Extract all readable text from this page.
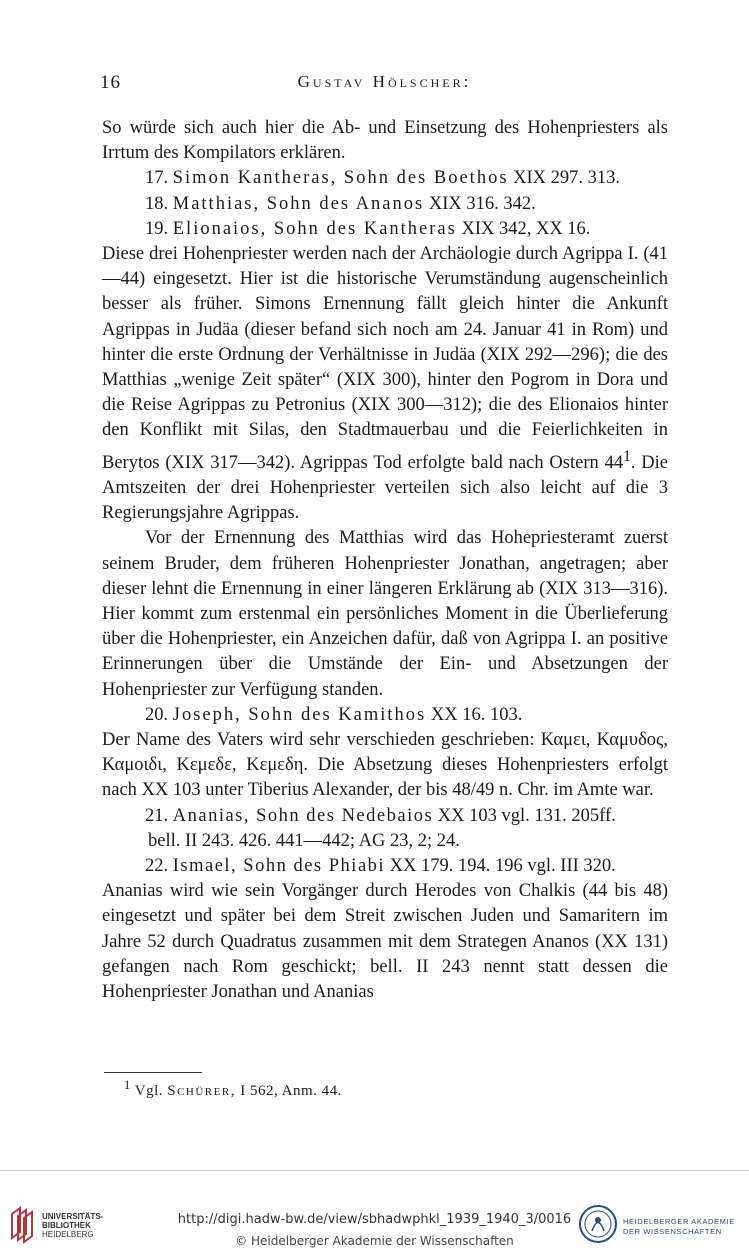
16	Gustav Hölscher:

So würde sich auch hier die Ab- und Einsetzung des Hohenpriesters als Irrtum des Kompilators erklären.

17. Simon Kantheras, Sohn des Boethos XIX 297. 313.

18. Matthias, Sohn des Ananos XIX 316. 342.

19. Elionaios, Sohn des Kantheras XIX 342, XX 16.

Diese drei Hohenpriester werden nach der Archäologie durch Agrippa I. (41—44) eingesetzt. Hier ist die historische Verumständung augenscheinlich besser als früher. Simons Ernennung fällt gleich hinter die Ankunft Agrippas in Judäa (dieser befand sich noch am 24. Januar 41 in Rom) und hinter die erste Ordnung der Verhältnisse in Judäa (XIX 292—296); die des Matthias „wenige Zeit später“ (XIX 300), hinter den Pogrom in Dora und die Reise Agrippas zu Petronius (XIX 300—312); die des Elionaios hinter den Konflikt mit Silas, den Stadtmauerbau und die Feierlichkeiten in Berytos (XIX 317—342). Agrippas Tod erfolgte bald nach Ostern $44^1$. Die Amtszeiten der drei Hohenpriester verteilen sich also leicht auf die 3 Regierungsjahre Agrippas.

Vor der Ernennung des Matthias wird das Hohepriesteramt zuerst seinem Bruder, dem früheren Hohenpriester Jonathan, angetragen; aber dieser lehnt die Ernennung in einer längeren Erklärung ab (XIX 313—316). Hier kommt zum erstenmal ein persönliches Moment in die Überlieferung über die Hohenpriester, ein Anzeichen dafür, daß von Agrippa I. an positive Erinnerungen über die Umstände der Ein- und Absetzungen der Hohenpriester zur Verfügung standen.

20. Joseph, Sohn des Kamithos XX 16. 103.

Der Name des Vaters wird sehr verschieden geschrieben: Καμει, Καμυδος, Καμοιδι, Κεμεδε, Κεμεδη. Die Absetzung dieses Hohenpriesters erfolgt nach XX 103 unter Tiberius Alexander, der bis 48/49 n. Chr. im Amte war.

21. Ananias, Sohn des Nedebaios XX 103 vgl. 131. 205ff.

bell. II 243. 426. 441—442; AG 23, 2; 24.

22. Ismael, Sohn des Phiabi XX 179. 194. 196 vgl. III 320.

Ananias wird wie sein Vorgänger durch Herodes von Chalkis (44 bis 48) eingesetzt und später bei dem Streit zwischen Juden und Samaritern im Jahre 52 durch Quadratus zusammen mit dem Strategen Ananos (XX 131) gefangen nach Rom geschickt; bell. II 243 nennt statt dessen die Hohenpriester Jonathan und Ananias

$^1$ Vgl. Schürer, I 562, Anm. 44.
UNIVERSITÄTS-
BIBLIOTHEK
HEIDELBERG
http://digi.hadw-bw.de/view/sbhadwphkl_1939_1940_3/0016
© Heidelberger Akademie der Wissenschaften
HEIDELBERGER AKADEMIE
DER WISSENSCHAFTEN
